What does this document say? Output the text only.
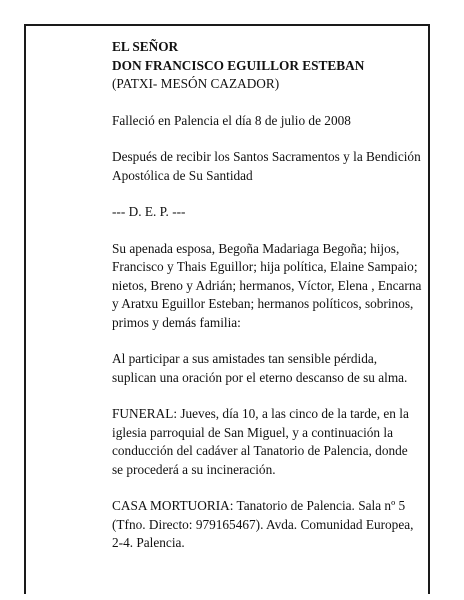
EL SEÑOR
DON FRANCISCO EGUILLOR ESTEBAN
(PATXI- MESÓN CAZADOR)

Falleció en Palencia el día 8 de julio de 2008

Después de recibir los Santos Sacramentos y la Bendición Apostólica de Su Santidad

--- D. E. P. ---

Su apenada esposa, Begoña Madariaga Begoña; hijos, Francisco y Thais Eguillor; hija política, Elaine Sampaio; nietos, Breno y Adrián; hermanos, Víctor, Elena , Encarna y Aratxu Eguillor Esteban; hermanos políticos, sobrinos, primos y demás familia:

Al participar a sus amistades tan sensible pérdida, suplican una oración por el eterno descanso de su alma.

FUNERAL: Jueves, día 10, a las cinco de la tarde, en la iglesia parroquial de San Miguel, y a continuación la conducción del cadáver al Tanatorio de Palencia, donde se procederá a su incineración.

CASA MORTUORIA: Tanatorio de Palencia. Sala nº 5 (Tfno. Directo: 979165467). Avda. Comunidad Europea, 2-4. Palencia.
